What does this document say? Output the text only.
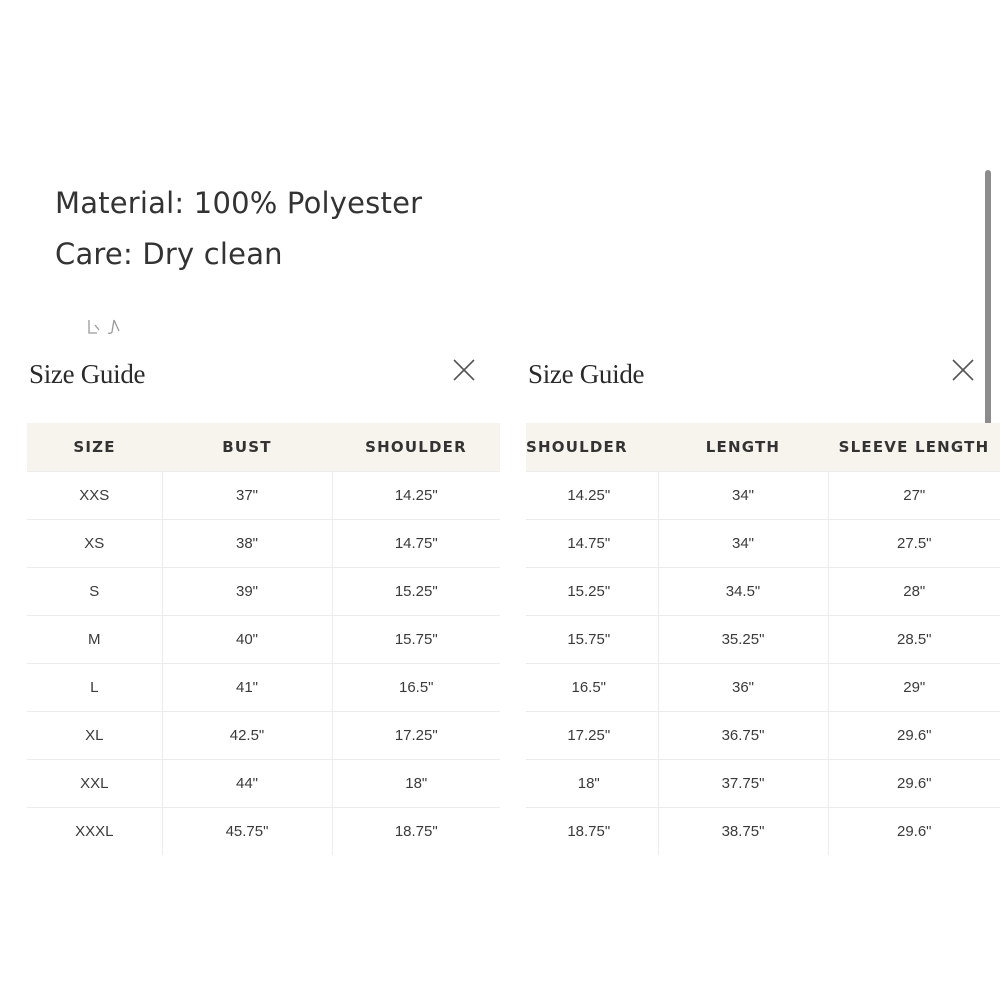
Material: 100% Polyester
Care: Dry clean
Size Guide
SIZE	BUST	SHOULDER
XXS	37"	14.25"
XS	38"	14.75"
S	39"	15.25"
M	40"	15.75"
L	41"	16.5"
XL	42.5"	17.25"
XXL	44"	18"
XXXL	45.75"	18.75"
Size Guide
SHOULDER	LENGTH	SLEEVE LENGTH
14.25"	34"	27"
14.75"	34"	27.5"
15.25"	34.5"	28"
15.75"	35.25"	28.5"
16.5"	36"	29"
17.25"	36.75"	29.6"
18"	37.75"	29.6"
18.75"	38.75"	29.6"
